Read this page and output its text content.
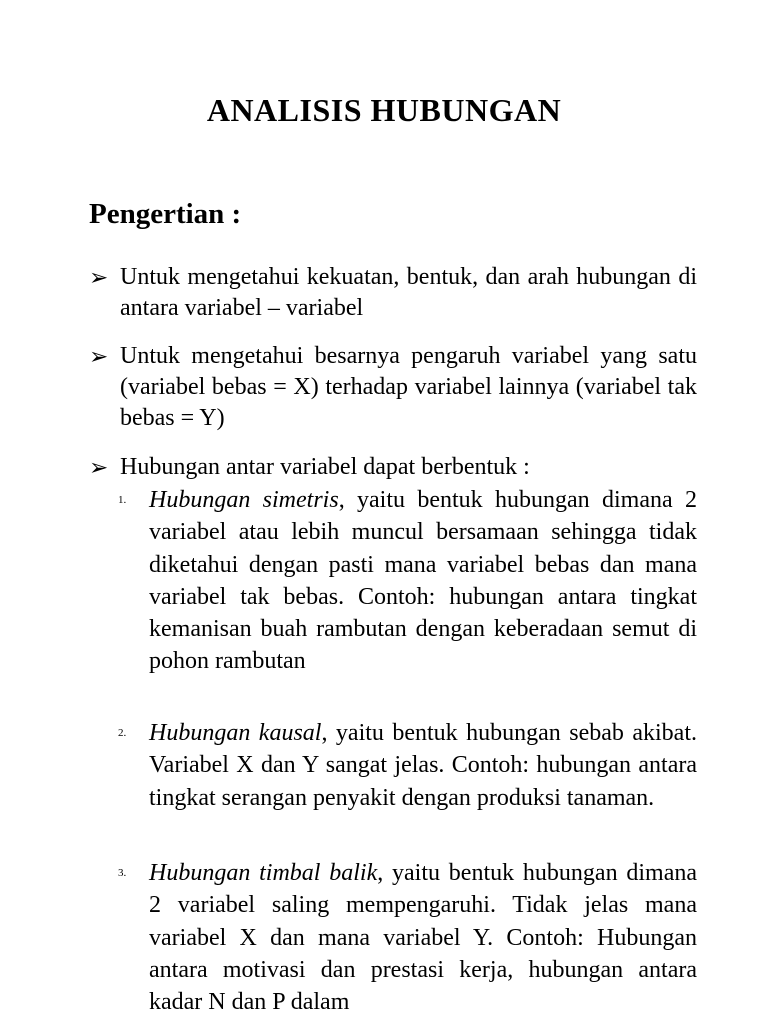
ANALISIS HUBUNGAN
Pengertian :
➢ Untuk mengetahui kekuatan, bentuk, dan arah hubungan di antara variabel – variabel
➢ Untuk mengetahui besarnya pengaruh variabel yang satu (variabel bebas = X) terhadap variabel lainnya (variabel tak bebas = Y)
➢ Hubungan antar variabel dapat berbentuk :
1. Hubungan simetris, yaitu bentuk hubungan dimana 2 variabel atau lebih muncul bersamaan sehingga tidak diketahui dengan pasti mana variabel bebas dan mana variabel tak bebas. Contoh: hubungan antara tingkat kemanisan buah rambutan dengan keberadaan semut di pohon rambutan
2. Hubungan kausal, yaitu bentuk hubungan sebab akibat. Variabel X dan Y sangat jelas. Contoh: hubungan antara tingkat serangan penyakit dengan produksi tanaman.
3. Hubungan timbal balik, yaitu bentuk hubungan dimana 2 variabel saling mempengaruhi. Tidak jelas mana variabel X dan mana variabel Y. Contoh: Hubungan antara motivasi dan prestasi kerja, hubungan antara kadar N dan P dalam
